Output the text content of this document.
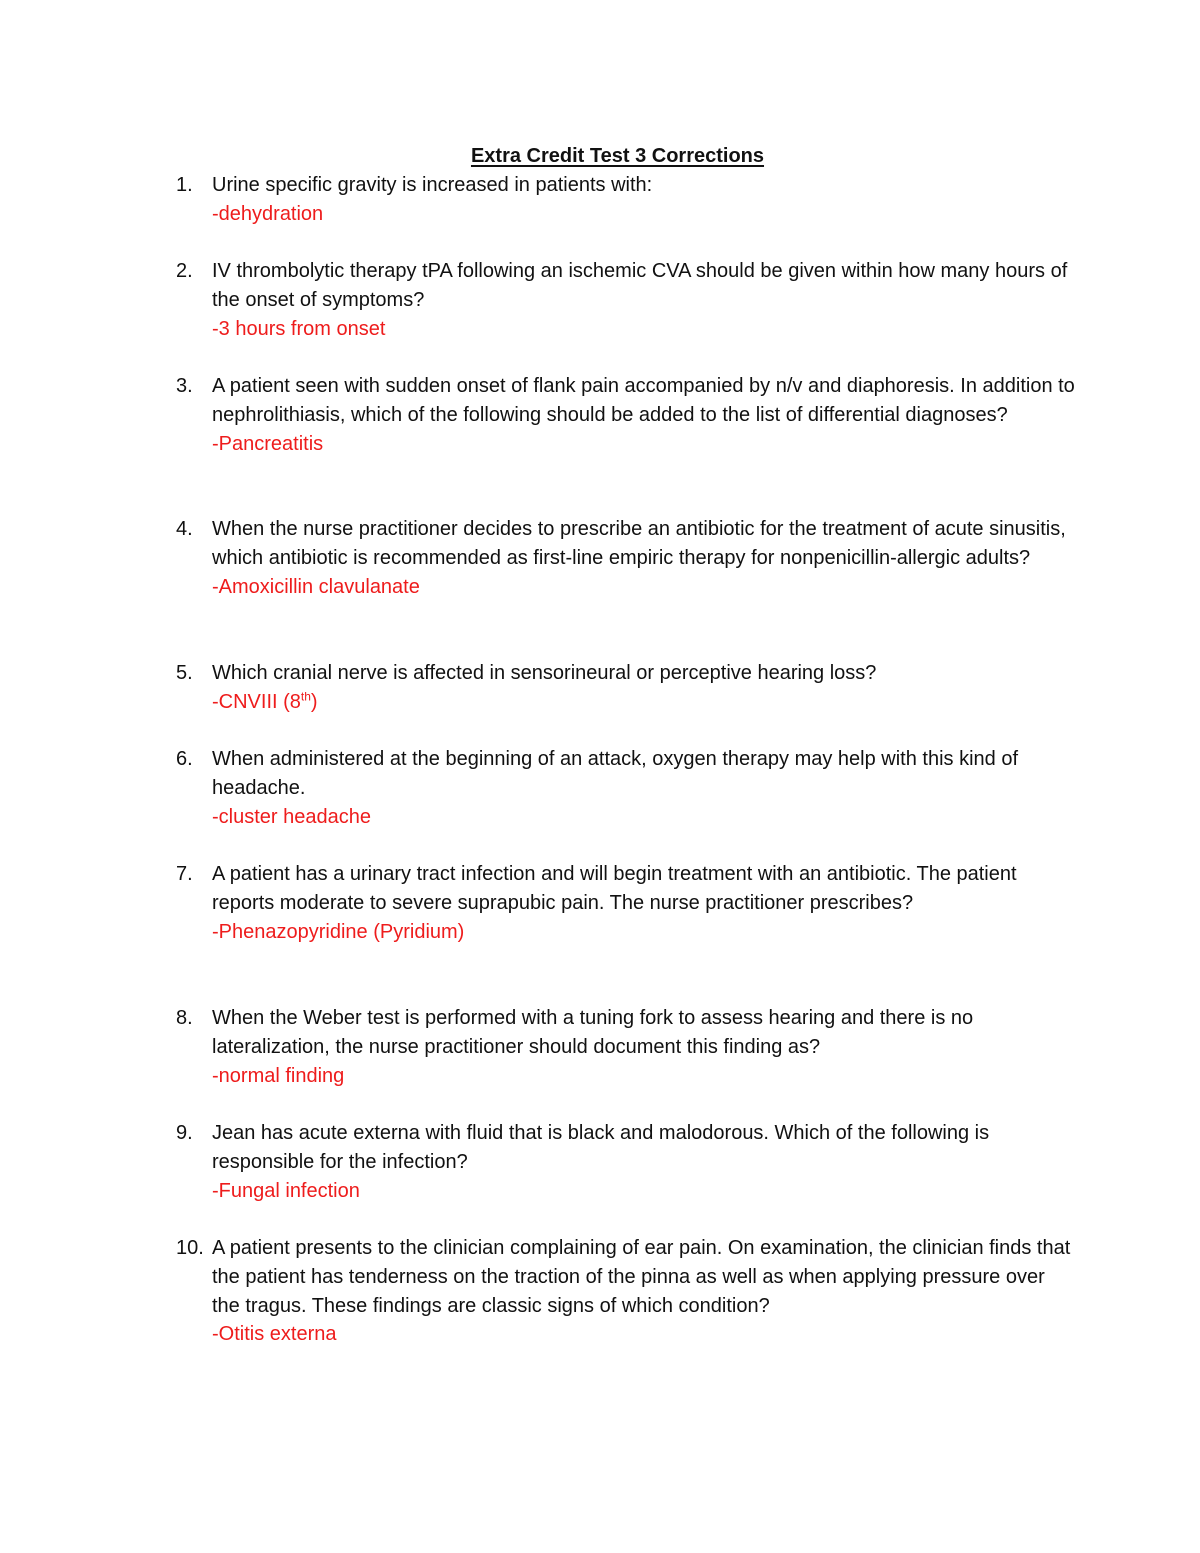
Extra Credit Test 3 Corrections
1. Urine specific gravity is increased in patients with:
-dehydration
2. IV thrombolytic therapy tPA following an ischemic CVA should be given within how many hours of the onset of symptoms?
-3 hours from onset
3. A patient seen with sudden onset of flank pain accompanied by n/v and diaphoresis. In addition to nephrolithiasis, which of the following should be added to the list of differential diagnoses?
-Pancreatitis
4. When the nurse practitioner decides to prescribe an antibiotic for the treatment of acute sinusitis, which antibiotic is recommended as first-line empiric therapy for nonpenicillin-allergic adults?
-Amoxicillin clavulanate
5. Which cranial nerve is affected in sensorineural or perceptive hearing loss?
-CNVIII (8th)
6. When administered at the beginning of an attack, oxygen therapy may help with this kind of headache.
-cluster headache
7. A patient has a urinary tract infection and will begin treatment with an antibiotic. The patient reports moderate to severe suprapubic pain. The nurse practitioner prescribes?
-Phenazopyridine (Pyridium)
8. When the Weber test is performed with a tuning fork to assess hearing and there is no lateralization, the nurse practitioner should document this finding as?
-normal finding
9. Jean has acute externa with fluid that is black and malodorous. Which of the following is responsible for the infection?
-Fungal infection
10. A patient presents to the clinician complaining of ear pain. On examination, the clinician finds that the patient has tenderness on the traction of the pinna as well as when applying pressure over the tragus. These findings are classic signs of which condition?
-Otitis externa
